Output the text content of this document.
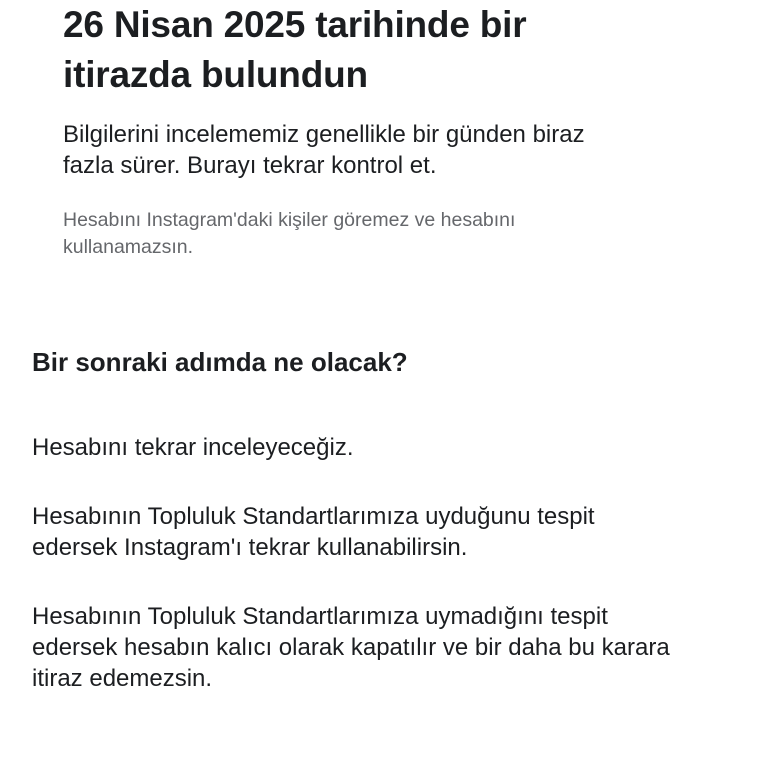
26 Nisan 2025 tarihinde bir
itirazda bulundun

Bilgilerini incelememiz genellikle bir günden biraz
fazla sürer. Burayı tekrar kontrol et.

Hesabını Instagram'daki kişiler göremez ve hesabını
kullanamazsın.

Bir sonraki adımda ne olacak?

Hesabını tekrar inceleyeceğiz.

Hesabının Topluluk Standartlarımıza uyduğunu tespit
edersek Instagram'ı tekrar kullanabilirsin.

Hesabının Topluluk Standartlarımıza uymadığını tespit
edersek hesabın kalıcı olarak kapatılır ve bir daha bu karara
itiraz edemezsin.
